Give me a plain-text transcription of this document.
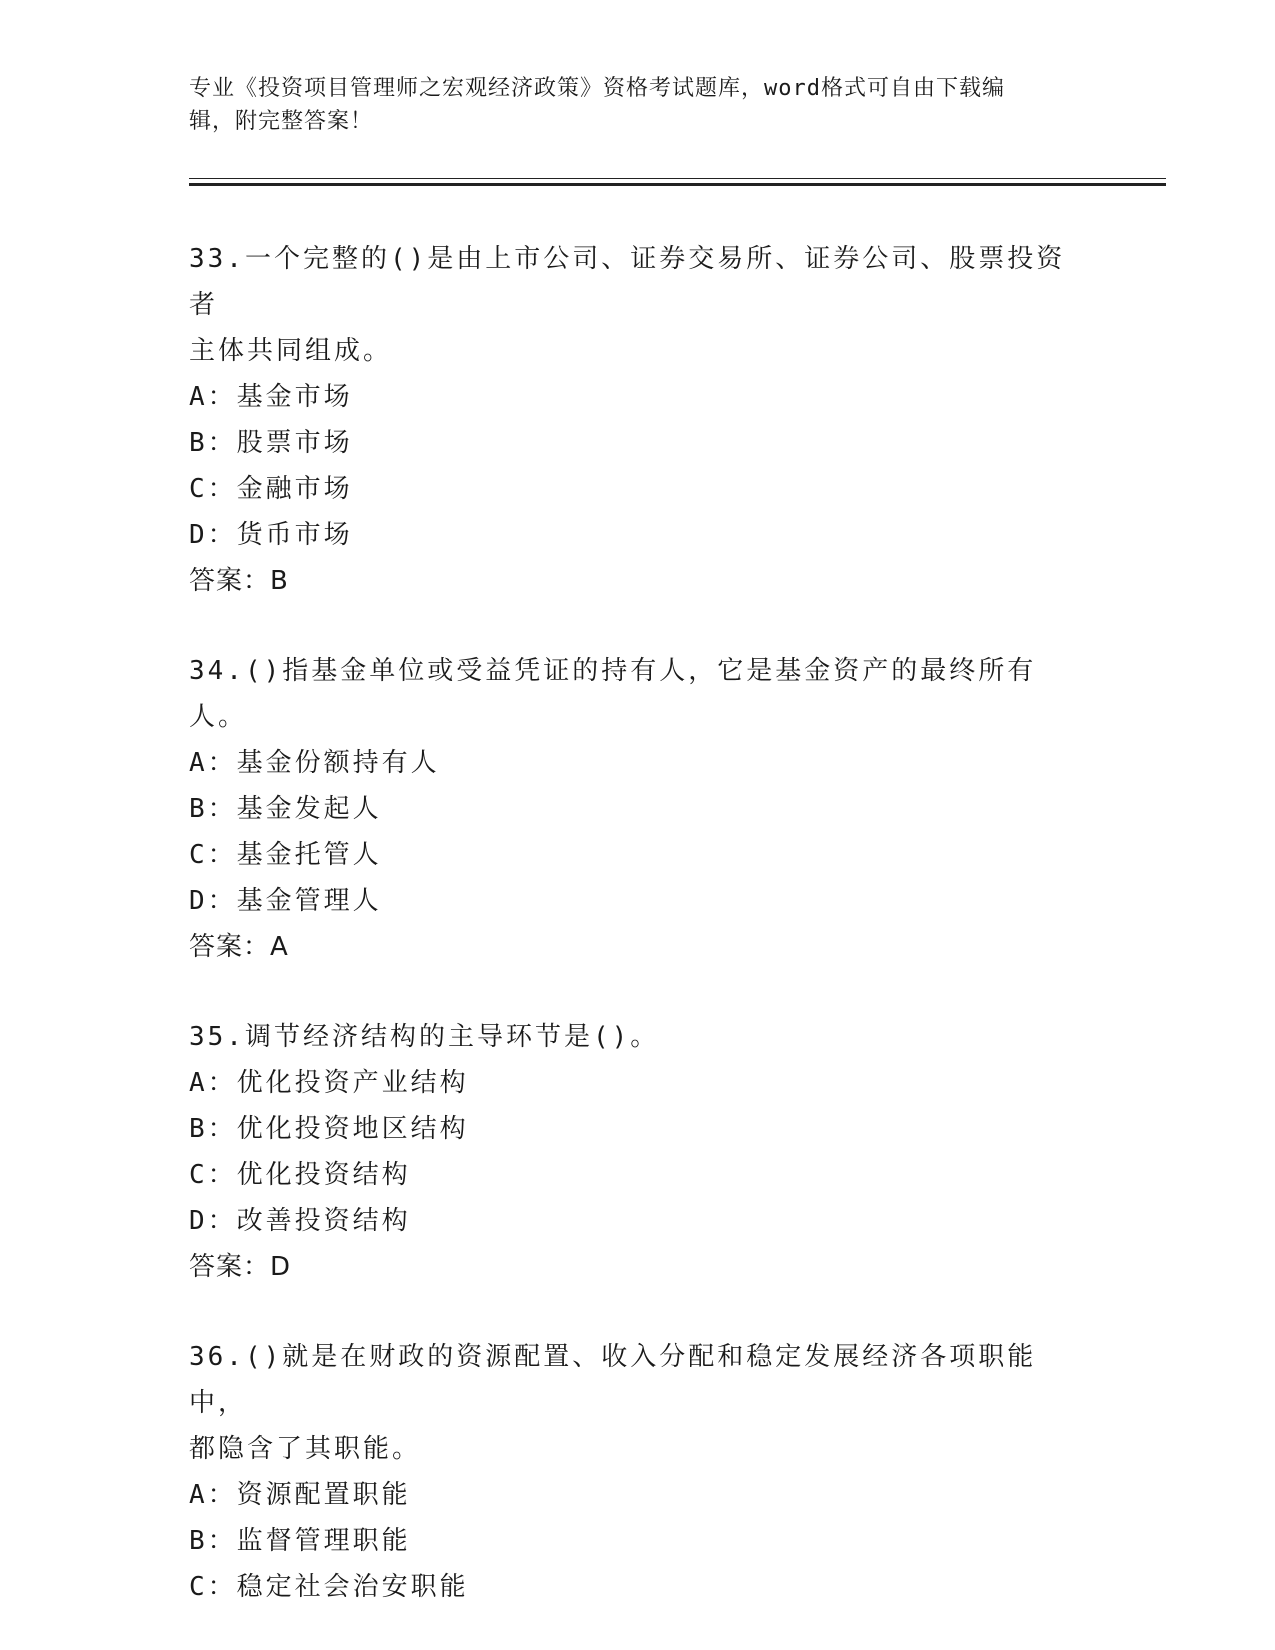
专业《投资项目管理师之宏观经济政策》资格考试题库，word格式可自由下载编
辑，附完整答案！
33.一个完整的()是由上市公司、证券交易所、证券公司、股票投资者
主体共同组成。
A：基金市场
B：股票市场
C：金融市场
D：货币市场
答案：B
34.()指基金单位或受益凭证的持有人，它是基金资产的最终所有人。
A：基金份额持有人
B：基金发起人
C：基金托管人
D：基金管理人
答案：A
35.调节经济结构的主导环节是()。
A：优化投资产业结构
B：优化投资地区结构
C：优化投资结构
D：改善投资结构
答案：D
36.()就是在财政的资源配置、收入分配和稳定发展经济各项职能中，
都隐含了其职能。
A：资源配置职能
B：监督管理职能
C：稳定社会治安职能
